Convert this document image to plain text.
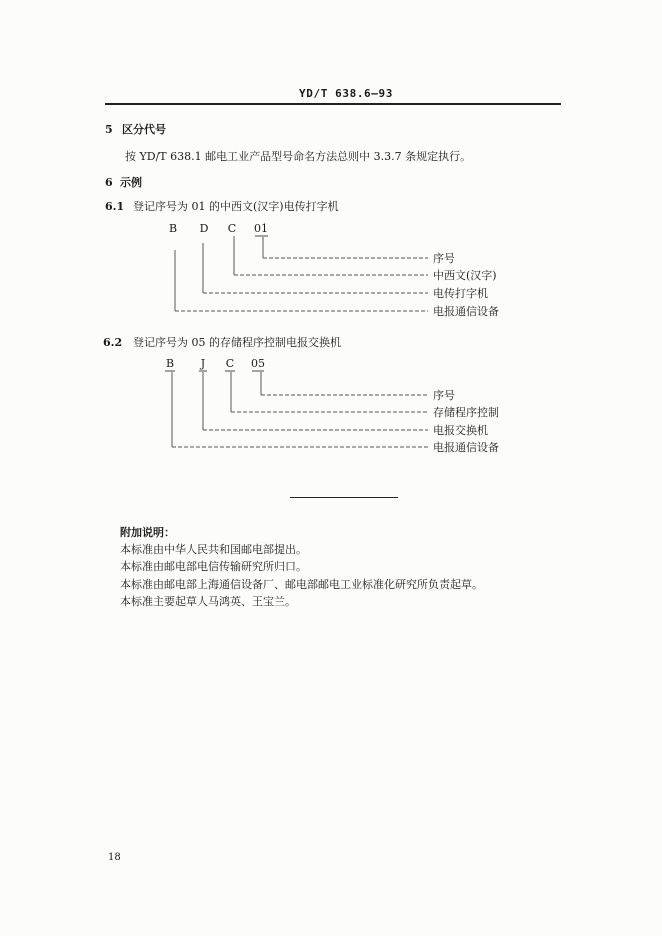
YD/T 638.6—93
5 区分代号
按 YD/T 638.1 邮电工业产品型号命名方法总则中 3.3.7 条规定执行。
6 示例
6.1 登记序号为 01 的中西文(汉字)电传打字机
B D C 01
序号
中西文(汉字)
电传打字机
电报通信设备
6.2 登记序号为 05 的存储程序控制电报交换机
B J C 05
序号
存储程序控制
电报交换机
电报通信设备
附加说明：
本标准由中华人民共和国邮电部提出。
本标准由邮电部电信传输研究所归口。
本标准由邮电部上海通信设备厂、邮电部邮电工业标准化研究所负责起草。
本标准主要起草人马鸿英、王宝兰。
18
